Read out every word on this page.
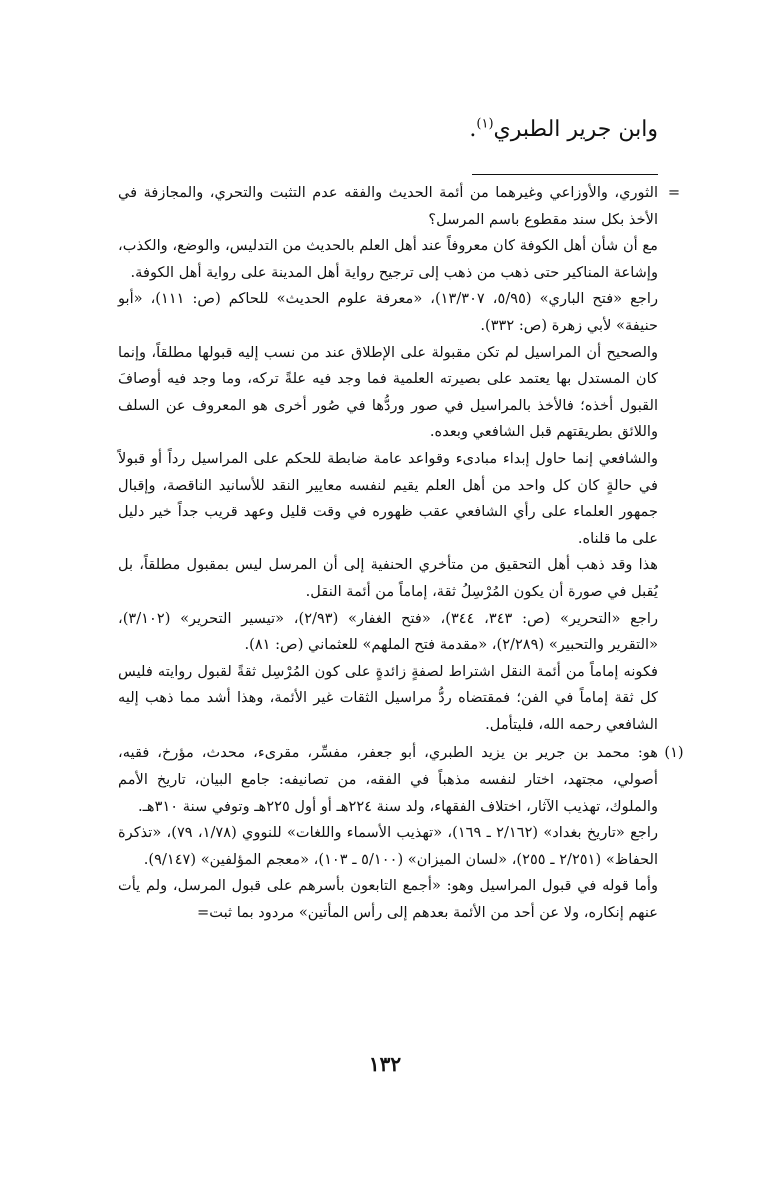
وابن جرير الطبري$^{(١)}$.
=

الثوري، والأوزاعي وغيرهما من أئمة الحديث والفقه عدم التثبت والتحري، والمجازفة في الأخذ بكل سند مقطوع باسم المرسل؟

مع أن شأن أهل الكوفة كان معروفاً عند أهل العلم بالحديث من التدليس، والوضع، والكذب، وإشاعة المناكير حتى ذهب من ذهب إلى ترجيح رواية أهل المدينة على رواية أهل الكوفة.

راجع «فتح الباري» (٥/٩٥، ١٣/٣٠٧)، «معرفة علوم الحديث» للحاكم (ص: ١١١)، «أبو حنيفة» لأبي زهرة (ص: ٣٣٢).

والصحيح أن المراسيل لم تكن مقبولة على الإطلاق عند من نسب إليه قبولها مطلقاً، وإنما كان المستدل بها يعتمد على بصيرته العلمية فما وجد فيه علةً تركه، وما وجد فيه أوصافَ القبول أخذه؛ فالأخذ بالمراسيل في صور وردُّها في صُور أخرى هو المعروف عن السلف واللائق بطريقتهم قبل الشافعي وبعده.

والشافعي إنما حاول إبداء مبادىء وقواعد عامة ضابطة للحكم على المراسيل رداً أو قبولاً في حالةٍ كان كل واحد من أهل العلم يقيم لنفسه معايير النقد للأسانيد الناقصة، وإقبال جمهور العلماء على رأي الشافعي عقب ظهوره في وقت قليل وعهد قريب جداً خير دليل على ما قلناه.

هذا وقد ذهب أهل التحقيق من متأخري الحنفية إلى أن المرسل ليس بمقبول مطلقاً، بل يُقبل في صورة أن يكون المُرْسِلُ ثقة، إماماً من أئمة النقل.

راجع «التحرير» (ص: ٣٤٣، ٣٤٤)، «فتح الغفار» (٢/٩٣)، «تيسير التحرير» (٣/١٠٢)، «التقرير والتحبير» (٢/٢٨٩)، «مقدمة فتح الملهم» للعثماني (ص: ٨١).

فكونه إماماً من أئمة النقل اشتراط لصفةٍ زائدةٍ على كون المُرْسِل ثقةً لقبول روايته فليس كل ثقة إماماً في الفن؛ فمقتضاه ردُّ مراسيل الثقات غير الأئمة، وهذا أشد مما ذهب إليه الشافعي رحمه الله، فليتأمل.

(١)

هو: محمد بن جرير بن يزيد الطبري، أبو جعفر، مفسِّر، مقرىء، محدث، مؤرخ، فقيه، أصولي، مجتهد، اختار لنفسه مذهباً في الفقه، من تصانيفه: جامع البيان، تاريخ الأمم والملوك، تهذيب الآثار، اختلاف الفقهاء، ولد سنة ٢٢٤هـ أو أول ٢٢٥هـ وتوفي سنة ٣١٠هـ.

راجع «تاريخ بغداد» (٢/١٦٢ ـ ١٦٩)، «تهذيب الأسماء واللغات» للنووي (١/٧٨، ٧٩)، «تذكرة الحفاظ» (٢/٢٥١ ـ ٢٥٥)، «لسان الميزان» (٥/١٠٠ ـ ١٠٣)، «معجم المؤلفين» (٩/١٤٧).

وأما قوله في قبول المراسيل وهو: «أجمع التابعون بأسرهم على قبول المرسل، ولم يأت عنهم إنكاره، ولا عن أحد من الأئمة بعدهم إلى رأس المأتين» مردود بما ثبت=

١٣٢
